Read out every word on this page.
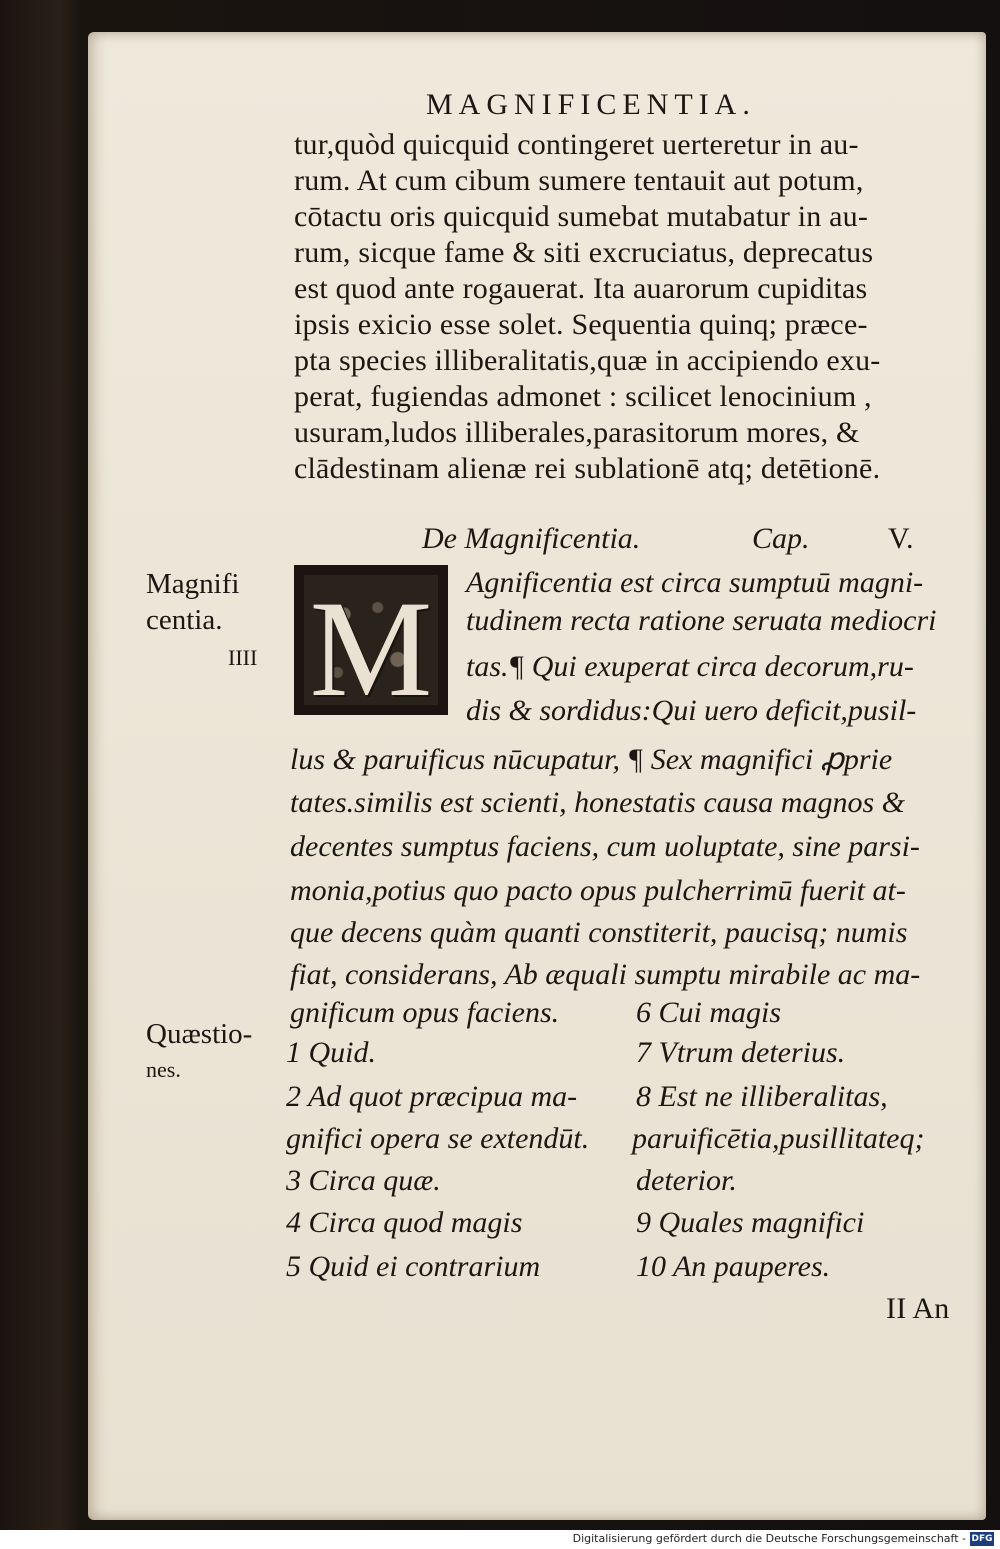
MAGNIFICENTIA.
tur,quòd quicquid contingeret uerteretur in au-
rum. At cum cibum sumere tentauit aut potum,
cōtactu oris quicquid sumebat mutabatur in au-
rum, sicque fame & siti excruciatus, deprecatus
est quod ante rogauerat. Ita auarorum cupiditas
ipsis exicio esse solet. Sequentia quinq; præce-
pta species illiberalitatis,quæ in accipiendo exu-
perat, fugiendas admonet : scilicet lenocinium ,
usuram,ludos illiberales,parasitorum mores, &
clādestinam alienæ rei sublationē atq; detētionē.
De Magnificentia.	Cap.	V.
Magnifi
centia.
IIII
Quæstio-
nes.
M Agnificentia est circa sumptuū magni-
tudinem recta ratione seruata mediocri
tas.¶ Qui exuperat circa decorum,ru-
dis & sordidus:Qui uero deficit,pusil-
lus & paruificus nūcupatur, ¶ Sex magnifici ꝓprie
tates.similis est scienti, honestatis causa magnos &
decentes sumptus faciens, cum uoluptate, sine parsi-
monia,potius quo pacto opus pulcherrimū fuerit at-
que decens quàm quanti constiterit, paucisq; numis
fiat, considerans, Ab æquali sumptu mirabile ac ma-
gnificum opus faciens.
1 Quid.
2 Ad quot præcipua ma-
gnifici opera se extendūt.
3 Circa quæ.
4 Circa quod magis
5 Quid ei contrarium
6 Cui magis
7 Vtrum deterius.
8 Est ne illiberalitas,
paruificētia,pusillitateq;
deterior.
9 Quales magnifici
10 An pauperes.
II An
Digitalisierung gefördert durch die Deutsche Forschungsgemeinschaft - DFG
